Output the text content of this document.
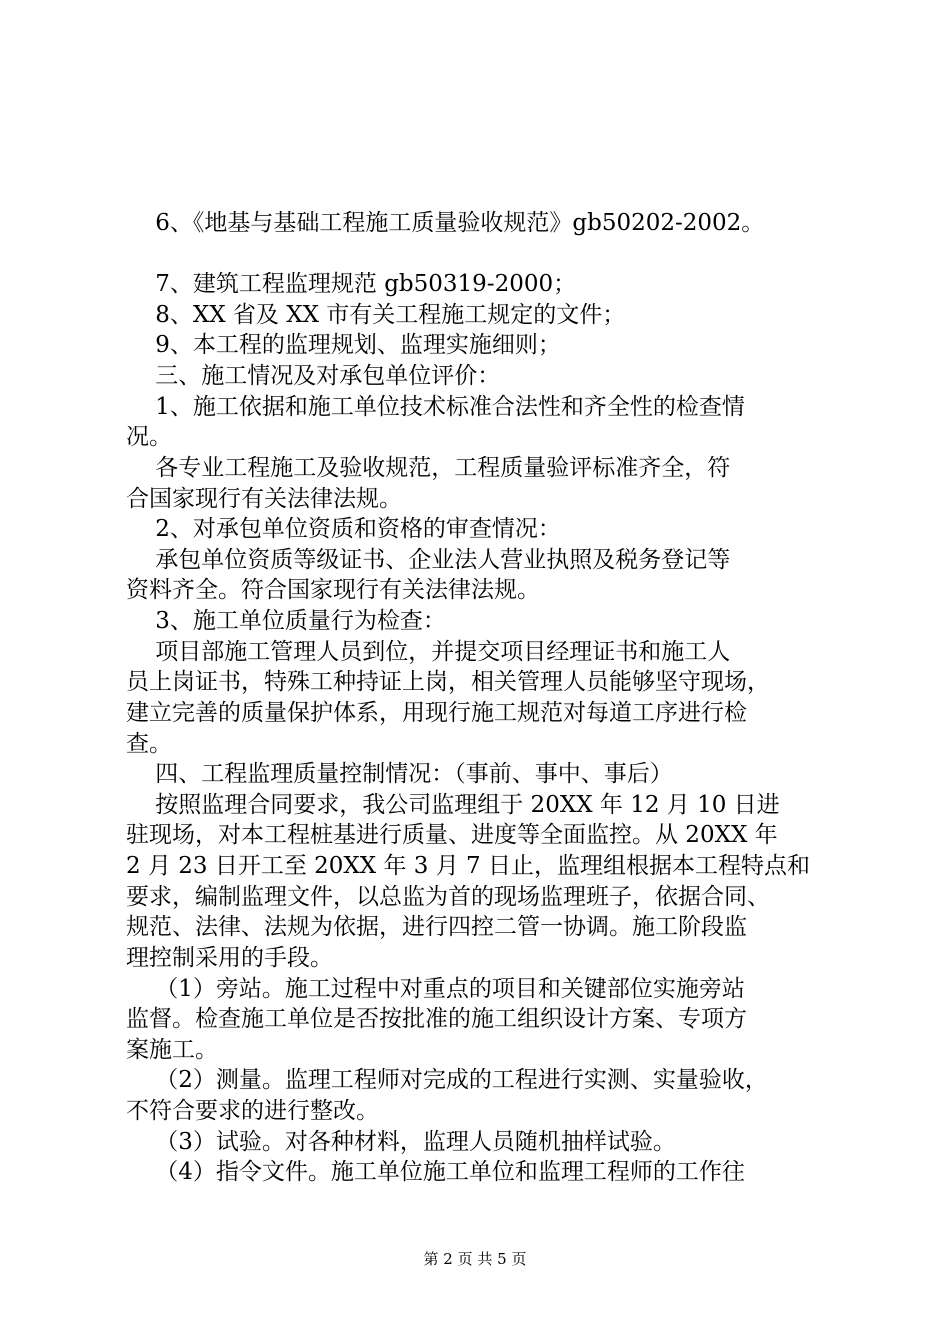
6、《地基与基础工程施工质量验收规范》gb50202-2002。
7、建筑工程监理规范 gb50319-2000；
8、XX 省及 XX 市有关工程施工规定的文件；
9、本工程的监理规划、监理实施细则；
三、施工情况及对承包单位评价：
1、施工依据和施工单位技术标准合法性和齐全性的检查情
况。
各专业工程施工及验收规范，工程质量验评标准齐全，符
合国家现行有关法律法规。
2、对承包单位资质和资格的审查情况：
承包单位资质等级证书、企业法人营业执照及税务登记等
资料齐全。符合国家现行有关法律法规。
3、施工单位质量行为检查：
项目部施工管理人员到位，并提交项目经理证书和施工人
员上岗证书，特殊工种持证上岗，相关管理人员能够坚守现场，
建立完善的质量保护体系，用现行施工规范对每道工序进行检
查。
四、工程监理质量控制情况：（事前、事中、事后）
按照监理合同要求，我公司监理组于 20XX 年 12 月 10 日进
驻现场，对本工程桩基进行质量、进度等全面监控。从 20XX 年
2 月 23 日开工至 20XX 年 3 月 7 日止，监理组根据本工程特点和
要求，编制监理文件，以总监为首的现场监理班子，依据合同、
规范、法律、法规为依据，进行四控二管一协调。施工阶段监
理控制采用的手段。
（1）旁站。施工过程中对重点的项目和关键部位实施旁站
监督。检查施工单位是否按批准的施工组织设计方案、专项方
案施工。
（2）测量。监理工程师对完成的工程进行实测、实量验收，
不符合要求的进行整改。
（3）试验。对各种材料，监理人员随机抽样试验。
（4）指令文件。施工单位施工单位和监理工程师的工作往
第 2 页 共 5 页
